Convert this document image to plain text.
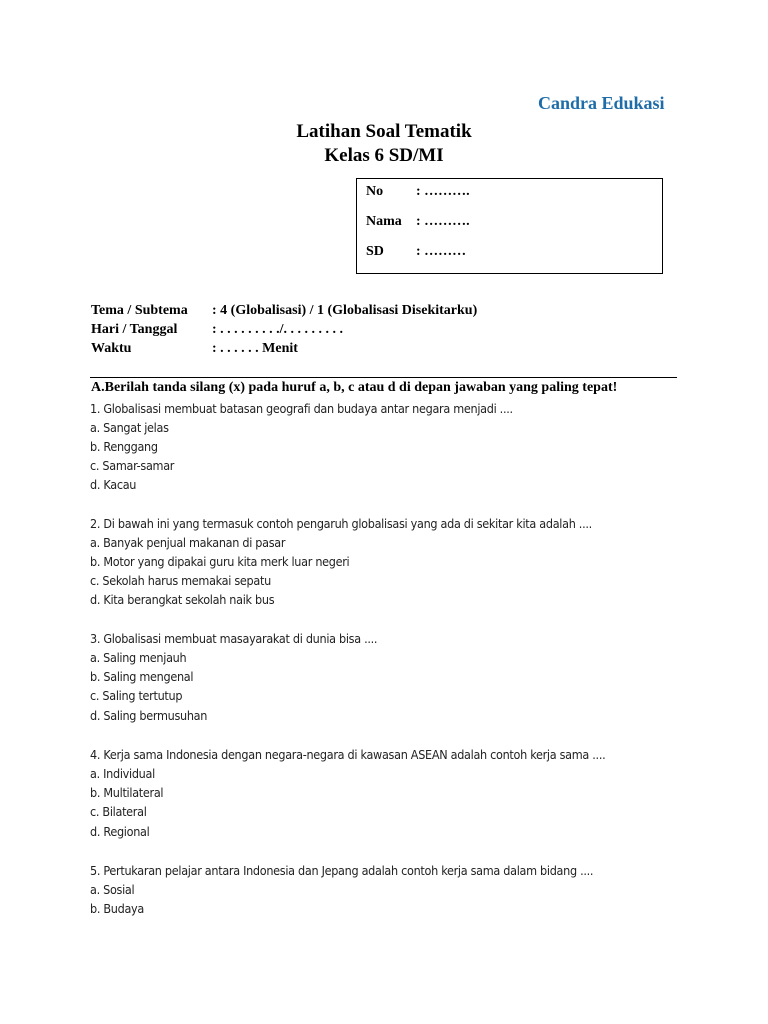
Candra Edukasi
Latihan Soal Tematik
Kelas 6 SD/MI
No : ……….
Nama : ……….
SD : ………
Tema / Subtema : 4 (Globalisasi) / 1 (Globalisasi Disekitarku)
Hari / Tanggal : . . . . . . . . ./. . . . . . . . .
Waktu	: . . . . . . Menit
A.Berilah tanda silang (x) pada huruf a, b, c atau d di depan jawaban yang paling tepat!
1. Globalisasi membuat batasan geografi dan budaya antar negara menjadi ....
a. Sangat jelas
b. Renggang
c. Samar-samar
d. Kacau
2. Di bawah ini yang termasuk contoh pengaruh globalisasi yang ada di sekitar kita adalah ....
a. Banyak penjual makanan di pasar
b. Motor yang dipakai guru kita merk luar negeri
c. Sekolah harus memakai sepatu
d. Kita berangkat sekolah naik bus
3. Globalisasi membuat masayarakat di dunia bisa ....
a. Saling menjauh
b. Saling mengenal
c. Saling tertutup
d. Saling bermusuhan
4. Kerja sama Indonesia dengan negara-negara di kawasan ASEAN adalah contoh kerja sama ....
a. Individual
b. Multilateral
c. Bilateral
d. Regional
5. Pertukaran pelajar antara Indonesia dan Jepang adalah contoh kerja sama dalam bidang ....
a. Sosial
b. Budaya
